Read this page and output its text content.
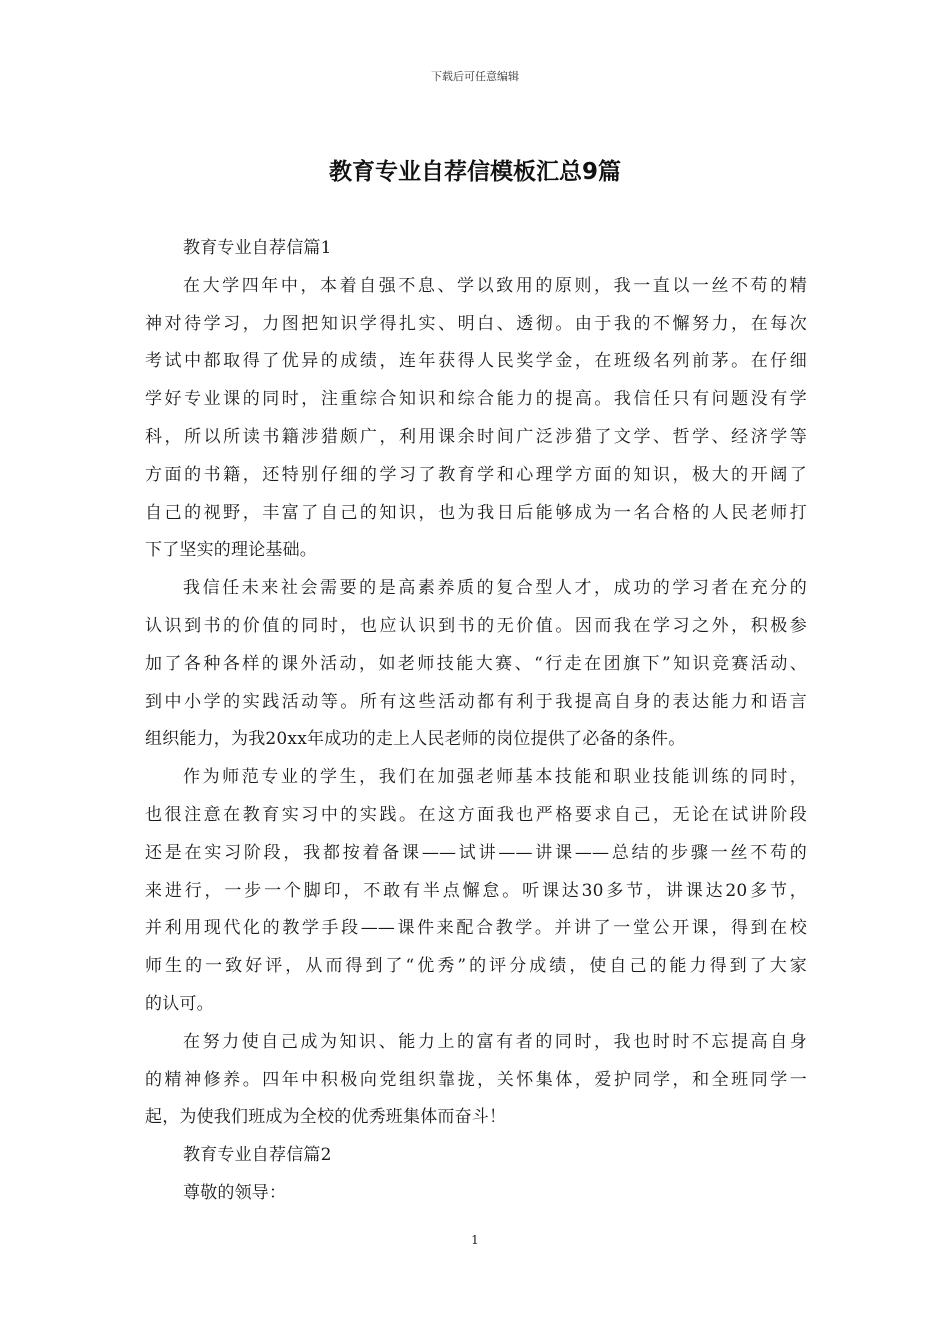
下载后可任意编辑
教育专业自荐信模板汇总9篇
教育专业自荐信篇1
在大学四年中，本着自强不息、学以致用的原则，我一直以一丝不苟的精
神对待学习，力图把知识学得扎实、明白、透彻。由于我的不懈努力，在每次
考试中都取得了优异的成绩，连年获得人民奖学金，在班级名列前茅。在仔细
学好专业课的同时，注重综合知识和综合能力的提高。我信任只有问题没有学
科，所以所读书籍涉猎颇广，利用课余时间广泛涉猎了文学、哲学、经济学等
方面的书籍，还特别仔细的学习了教育学和心理学方面的知识，极大的开阔了
自己的视野，丰富了自己的知识，也为我日后能够成为一名合格的人民老师打
下了坚实的理论基础。
我信任未来社会需要的是高素养质的复合型人才，成功的学习者在充分的
认识到书的价值的同时，也应认识到书的无价值。因而我在学习之外，积极参
加了各种各样的课外活动，如老师技能大赛、“行走在团旗下”知识竞赛活动、
到中小学的实践活动等。所有这些活动都有利于我提高自身的表达能力和语言
组织能力，为我20xx年成功的走上人民老师的岗位提供了必备的条件。
作为师范专业的学生，我们在加强老师基本技能和职业技能训练的同时，
也很注意在教育实习中的实践。在这方面我也严格要求自己，无论在试讲阶段
还是在实习阶段，我都按着备课——试讲——讲课——总结的步骤一丝不苟的
来进行，一步一个脚印，不敢有半点懈怠。听课达30多节，讲课达20多节，
并利用现代化的教学手段——课件来配合教学。并讲了一堂公开课，得到在校
师生的一致好评，从而得到了“优秀”的评分成绩，使自己的能力得到了大家
的认可。
在努力使自己成为知识、能力上的富有者的同时，我也时时不忘提高自身
的精神修养。四年中积极向党组织靠拢，关怀集体，爱护同学，和全班同学一
起，为使我们班成为全校的优秀班集体而奋斗！
教育专业自荐信篇2
尊敬的领导：
1
